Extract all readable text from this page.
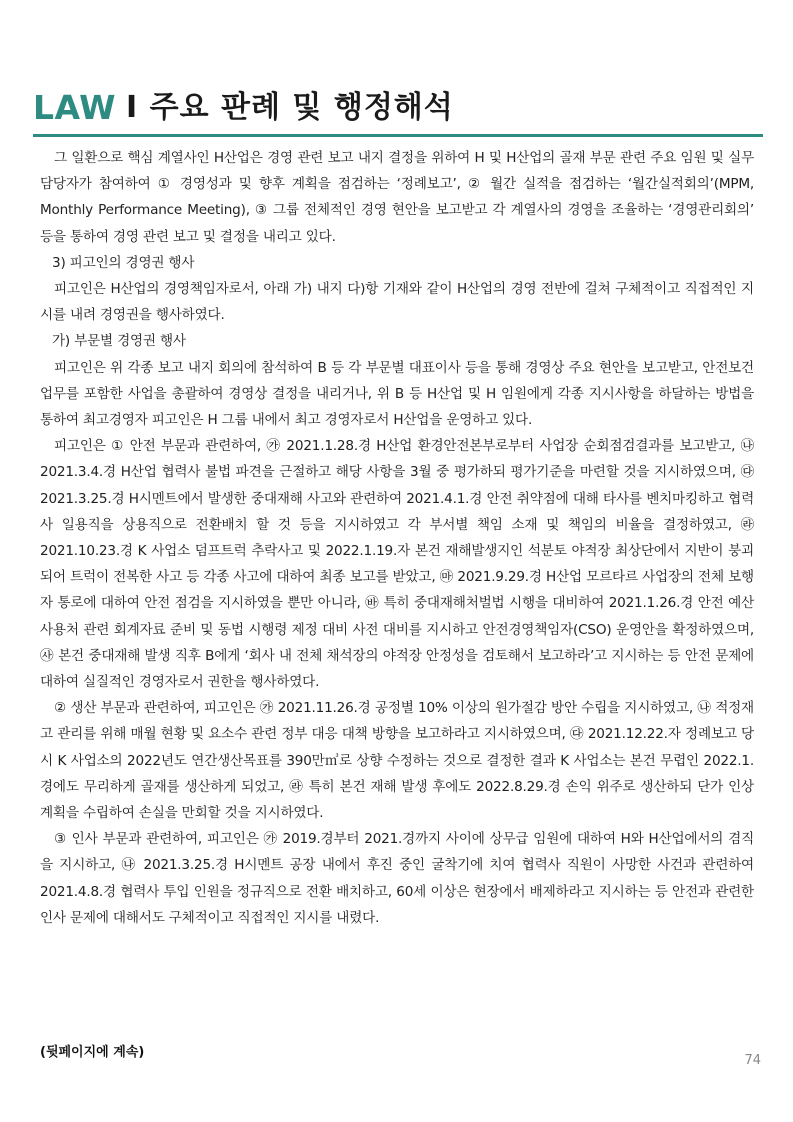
LAW I 주요 판례 및 행정해석

그 일환으로 핵심 계열사인 H산업은 경영 관련 보고 내지 결정을 위하여 H 및 H산업의 골재 부문 관련 주요 임원 및 실무 담당자가 참여하여 ① 경영성과 및 향후 계획을 점검하는 ‘정례보고’, ② 월간 실적을 점검하는 ‘월간실적회의’(MPM, Monthly Performance Meeting), ③ 그룹 전체적인 경영 현안을 보고받고 각 계열사의 경영을 조율하는 ‘경영관리회의’ 등을 통하여 경영 관련 보고 및 결정을 내리고 있다.

3) 피고인의 경영권 행사

피고인은 H산업의 경영책임자로서, 아래 가) 내지 다)항 기재와 같이 H산업의 경영 전반에 걸쳐 구체적이고 직접적인 지시를 내려 경영권을 행사하였다.

가) 부문별 경영권 행사

피고인은 위 각종 보고 내지 회의에 참석하여 B 등 각 부문별 대표이사 등을 통해 경영상 주요 현안을 보고받고, 안전보건업무를 포함한 사업을 총괄하여 경영상 결정을 내리거나, 위 B 등 H산업 및 H 임원에게 각종 지시사항을 하달하는 방법을 통하여 최고경영자 피고인은 H 그룹 내에서 최고 경영자로서 H산업을 운영하고 있다.

피고인은 ① 안전 부문과 관련하여, ㉮ 2021.1.28.경 H산업 환경안전본부로부터 사업장 순회점검결과를 보고받고, ㉯ 2021.3.4.경 H산업 협력사 불법 파견을 근절하고 해당 사항을 3월 중 평가하되 평가기준을 마련할 것을 지시하였으며, ㉰ 2021.3.25.경 H시멘트에서 발생한 중대재해 사고와 관련하여 2021.4.1.경 안전 취약점에 대해 타사를 벤치마킹하고 협력사 일용직을 상용직으로 전환배치 할 것 등을 지시하였고 각 부서별 책임 소재 및 책임의 비율을 결정하였고, ㉱ 2021.10.23.경 K 사업소 덤프트럭 추락사고 및 2022.1.19.자 본건 재해발생지인 석분토 야적장 최상단에서 지반이 붕괴되어 트럭이 전복한 사고 등 각종 사고에 대하여 최종 보고를 받았고, ㉲ 2021.9.29.경 H산업 모르타르 사업장의 전체 보행자 통로에 대하여 안전 점검을 지시하였을 뿐만 아니라, ㉳ 특히 중대재해처벌법 시행을 대비하여 2021.1.26.경 안전 예산 사용처 관련 회계자료 준비 및 동법 시행령 제정 대비 사전 대비를 지시하고 안전경영책임자(CSO) 운영안을 확정하였으며, ㉴ 본건 중대재해 발생 직후 B에게 ‘회사 내 전체 채석장의 야적장 안정성을 검토해서 보고하라’고 지시하는 등 안전 문제에 대하여 실질적인 경영자로서 권한을 행사하였다.

② 생산 부문과 관련하여, 피고인은 ㉮ 2021.11.26.경 공정별 10% 이상의 원가절감 방안 수립을 지시하였고, ㉯ 적정재고 관리를 위해 매월 현황 및 요소수 관련 정부 대응 대책 방향을 보고하라고 지시하였으며, ㉰ 2021.12.22.자 정례보고 당시 K 사업소의 2022년도 연간생산목표를 390만㎥로 상향 수정하는 것으로 결정한 결과 K 사업소는 본건 무렵인 2022.1.경에도 무리하게 골재를 생산하게 되었고, ㉱ 특히 본건 재해 발생 후에도 2022.8.29.경 손익 위주로 생산하되 단가 인상 계획을 수립하여 손실을 만회할 것을 지시하였다.

③ 인사 부문과 관련하여, 피고인은 ㉮ 2019.경부터 2021.경까지 사이에 상무급 임원에 대하여 H와 H산업에서의 겸직을 지시하고, ㉯ 2021.3.25.경 H시멘트 공장 내에서 후진 중인 굴착기에 치여 협력사 직원이 사망한 사건과 관련하여 2021.4.8.경 협력사 투입 인원을 정규직으로 전환 배치하고, 60세 이상은 현장에서 배제하라고 지시하는 등 안전과 관련한 인사 문제에 대해서도 구체적이고 직접적인 지시를 내렸다.

(뒷페이지에 계속)
74
